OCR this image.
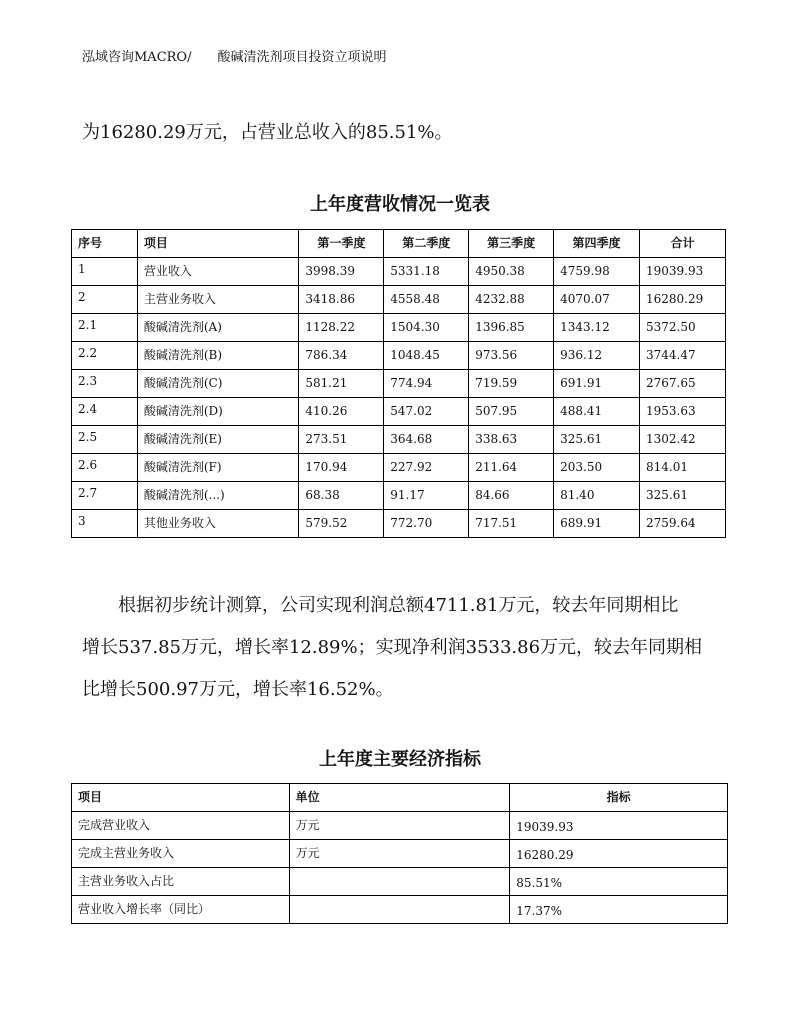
泓域咨询MACRO/ 酸碱清洗剂项目投资立项说明
为16280.29万元，占营业总收入的85.51%。
上年度营收情况一览表
序号	项目	第一季度	第二季度	第三季度	第四季度	合计
1	营业收入	3998.39	5331.18	4950.38	4759.98	19039.93
2	主营业务收入	3418.86	4558.48	4232.88	4070.07	16280.29
2.1	酸碱清洗剂(A)	1128.22	1504.30	1396.85	1343.12	5372.50
2.2	酸碱清洗剂(B)	786.34	1048.45	973.56	936.12	3744.47
2.3	酸碱清洗剂(C)	581.21	774.94	719.59	691.91	2767.65
2.4	酸碱清洗剂(D)	410.26	547.02	507.95	488.41	1953.63
2.5	酸碱清洗剂(E)	273.51	364.68	338.63	325.61	1302.42
2.6	酸碱清洗剂(F)	170.94	227.92	211.64	203.50	814.01
2.7	酸碱清洗剂(...)	68.38	91.17	84.66	81.40	325.61
3	其他业务收入	579.52	772.70	717.51	689.91	2759.64
根据初步统计测算，公司实现利润总额4711.81万元，较去年同期相比
增长537.85万元，增长率12.89%；实现净利润3533.86万元，较去年同期相
比增长500.97万元，增长率16.52%。
上年度主要经济指标
项目	单位	指标
完成营业收入	万元	19039.93
完成主营业务收入	万元	16280.29
主营业务收入占比		85.51%
营业收入增长率（同比）		17.37%
